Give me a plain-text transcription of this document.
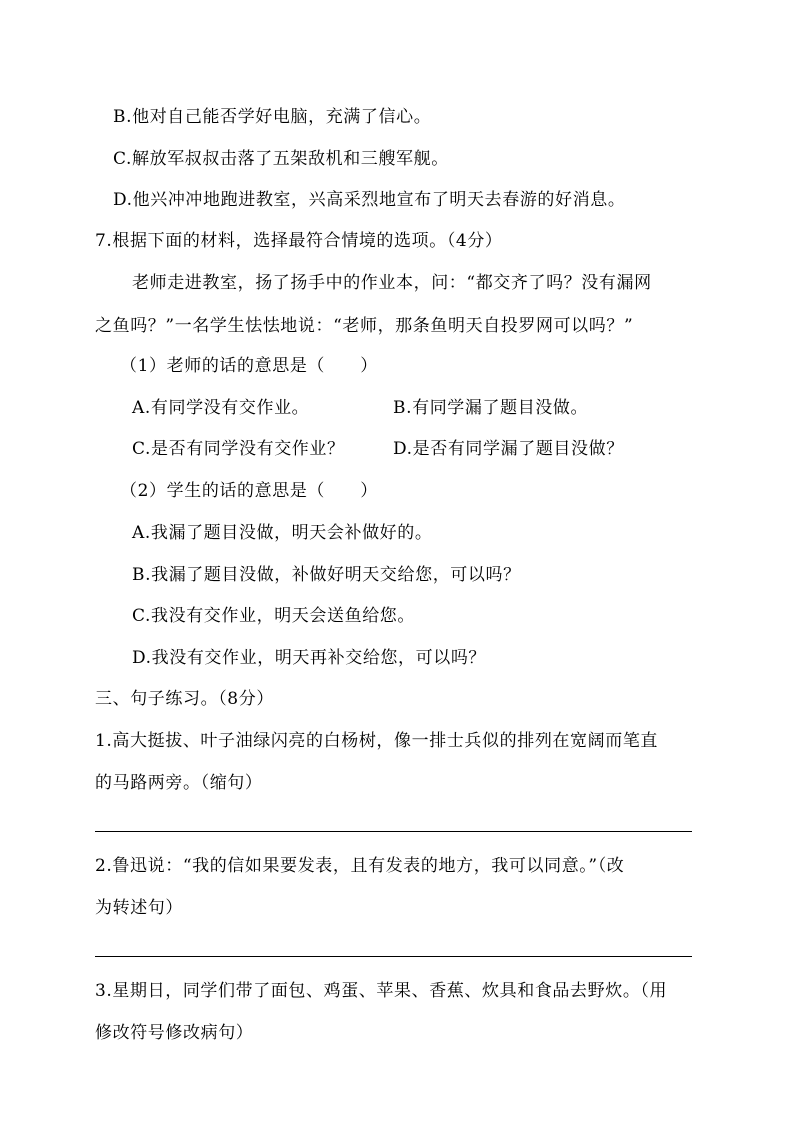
B.他对自己能否学好电脑，充满了信心。
C.解放军叔叔击落了五架敌机和三艘军舰。
D.他兴冲冲地跑进教室，兴高采烈地宣布了明天去春游的好消息。
7.根据下面的材料，选择最符合情境的选项。（4分）
老师走进教室，扬了扬手中的作业本，问：“都交齐了吗？没有漏网
之鱼吗？”一名学生怯怯地说：“老师，那条鱼明天自投罗网可以吗？”
（1）老师的话的意思是（　　）
A.有同学没有交作业。	B.有同学漏了题目没做。
C.是否有同学没有交作业？	D.是否有同学漏了题目没做？
（2）学生的话的意思是（　　）
A.我漏了题目没做，明天会补做好的。
B.我漏了题目没做，补做好明天交给您，可以吗？
C.我没有交作业，明天会送鱼给您。
D.我没有交作业，明天再补交给您，可以吗？
三、句子练习。（8分）
1.高大挺拔、叶子油绿闪亮的白杨树，像一排士兵似的排列在宽阔而笔直
的马路两旁。（缩句）
2.鲁迅说：“我的信如果要发表，且有发表的地方，我可以同意。”（改
为转述句）
3.星期日，同学们带了面包、鸡蛋、苹果、香蕉、炊具和食品去野炊。（用
修改符号修改病句）
